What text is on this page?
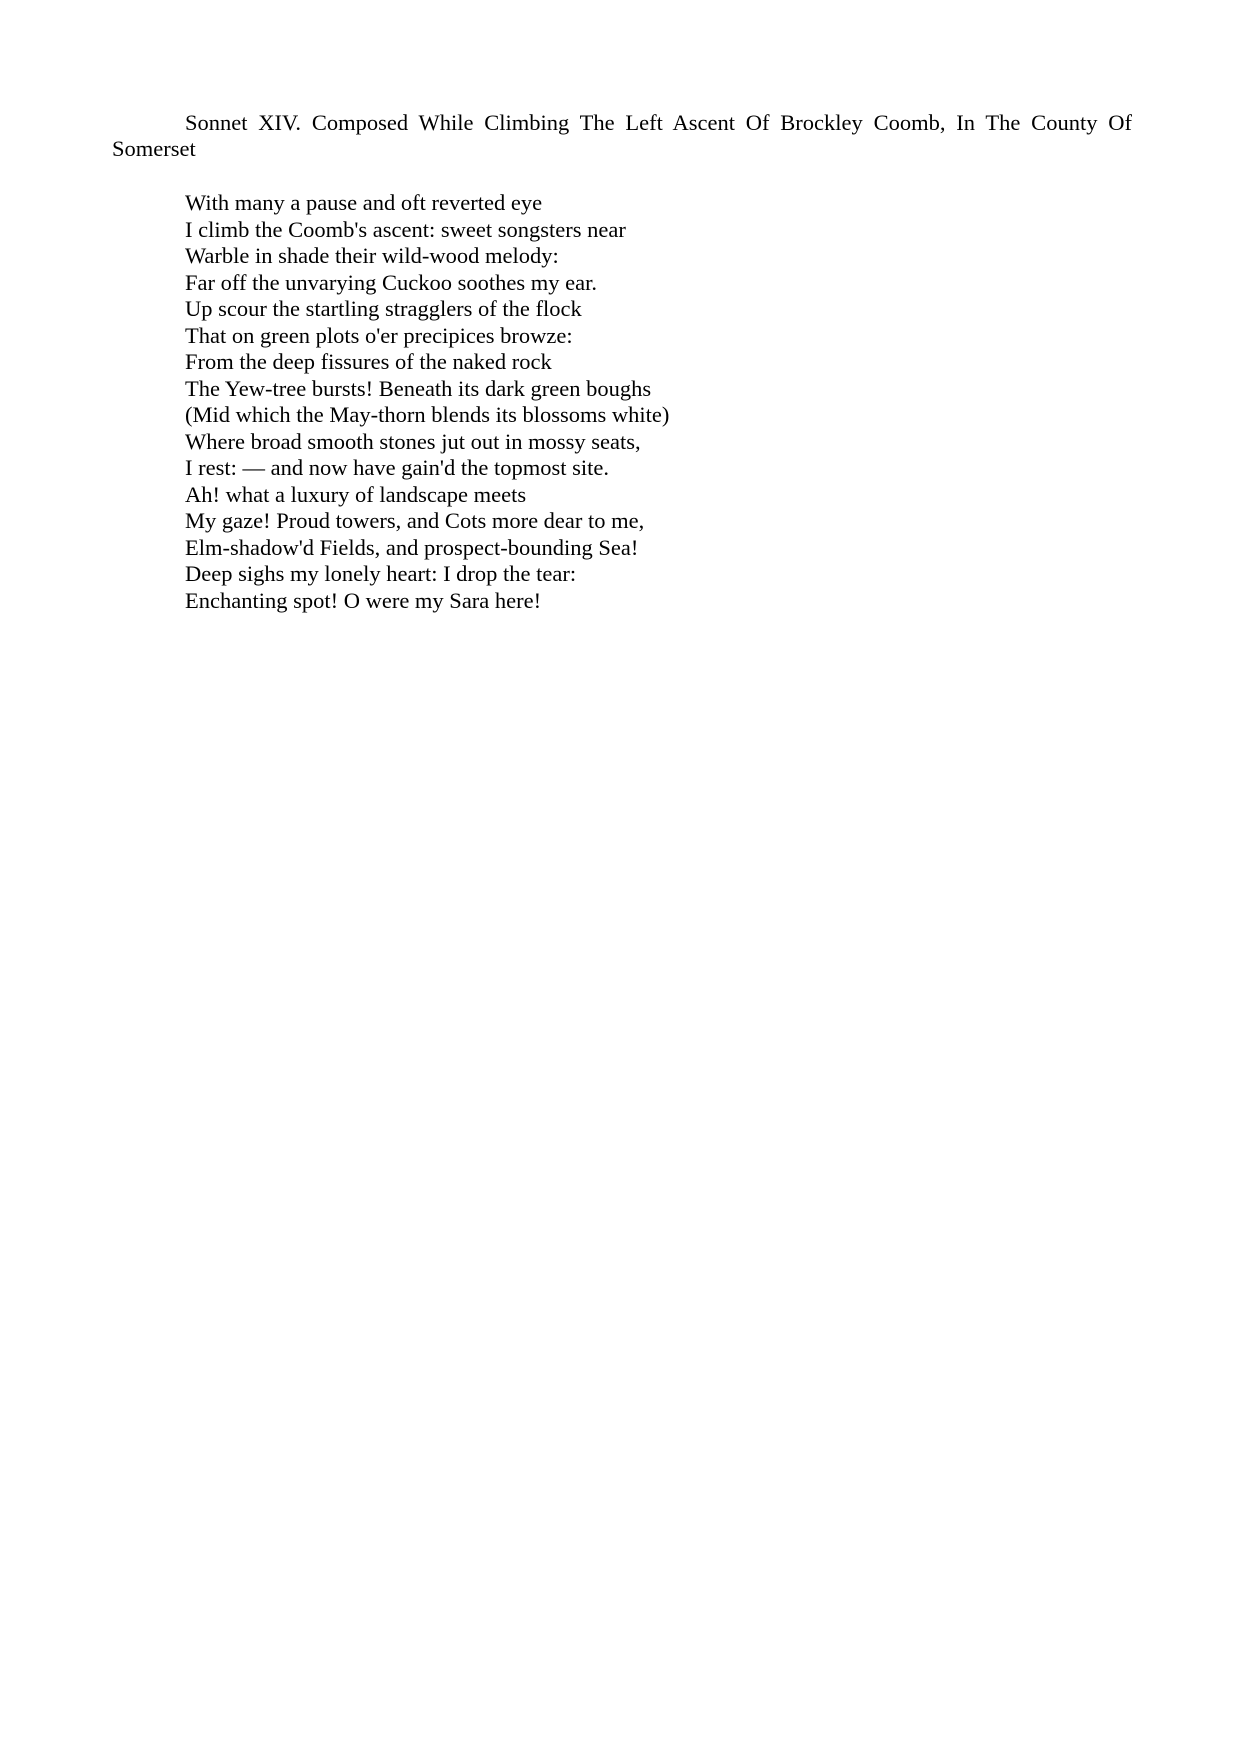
Sonnet XIV. Composed While Climbing The Left Ascent Of Brockley Coomb, In The County Of Somerset

With many a pause and oft reverted eye
I climb the Coomb's ascent: sweet songsters near
Warble in shade their wild-wood melody:
Far off the unvarying Cuckoo soothes my ear.
Up scour the startling stragglers of the flock
That on green plots o'er precipices browze:
From the deep fissures of the naked rock
The Yew-tree bursts! Beneath its dark green boughs
(Mid which the May-thorn blends its blossoms white)
Where broad smooth stones jut out in mossy seats,
I rest: — and now have gain'd the topmost site.
Ah! what a luxury of landscape meets
My gaze! Proud towers, and Cots more dear to me,
Elm-shadow'd Fields, and prospect-bounding Sea!
Deep sighs my lonely heart: I drop the tear:
Enchanting spot! O were my Sara here!
